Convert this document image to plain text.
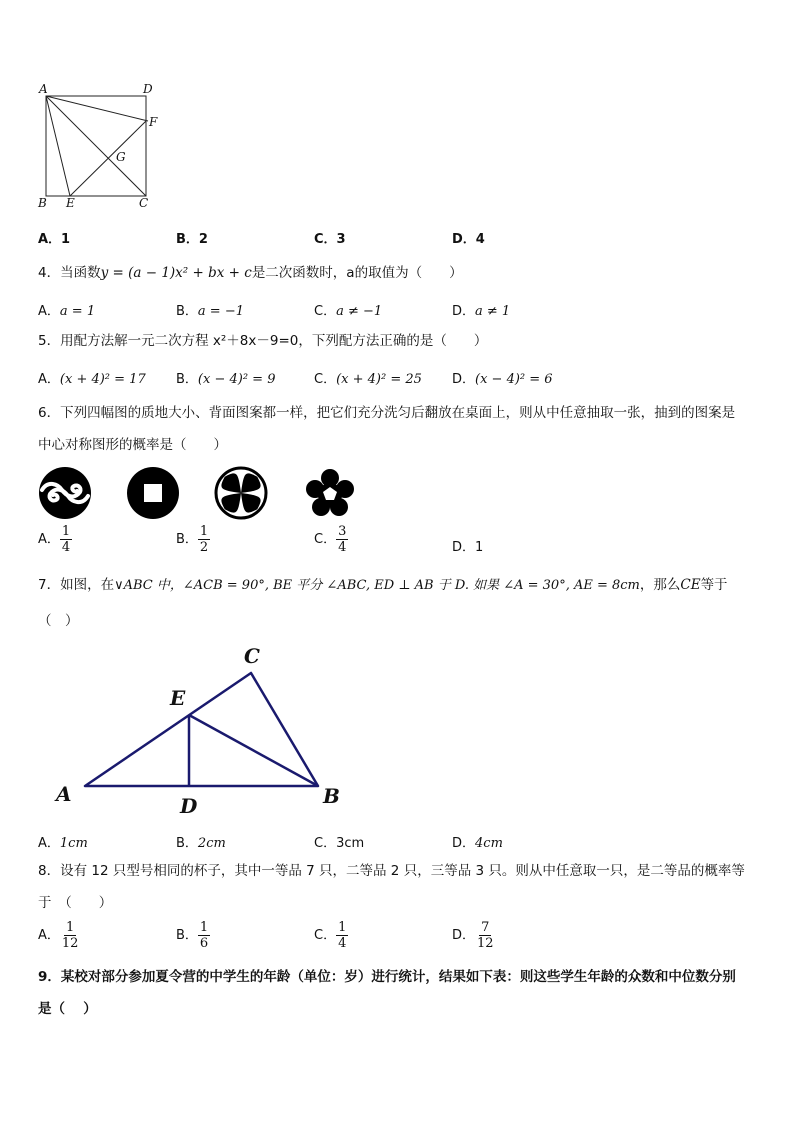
A	D
F
G
B E	C
A．1	B．2	C．3	D．4
4．当函数y = (a − 1)x² + bx + c是二次函数时，a的取值为（　　）
A．a = 1	B．a = −1	C．a ≠ −1	D．a ≠ 1
5．用配方法解一元二次方程 x²＋8x－9=0，下列配方法正确的是（　　）
A．(x + 4)² = 17 B．(x − 4)² = 9	C．(x + 4)² = 25 D．(x − 4)² = 6
6．下列四幅图的质地大小、背面图案都一样，把它们充分洗匀后翻放在桌面上，则从中任意抽取一张，抽到的图案是
中心对称图形的概率是（　　）
A． $\frac{1}{4}$	B． $\frac{1}{2}$	C． $\frac{3}{4}$	D．1
7．如图，在∨ABC 中，∠ACB = 90°, BE 平分 ∠ABC, ED ⊥ AB 于 D. 如果 ∠A = 30°, AE = 8cm，那么CE等于
（　）
C
E
A	D	B
A．1cm	B．2cm	C．3cm	D．4cm
8．设有 12 只型号相同的杯子，其中一等品 7 只，二等品 2 只，三等品 3 只。则从中任意取一只，是二等品的概率等
于　（　　）
A． $\frac{1}{12}$	B． $\frac{1}{6}$	C． $\frac{1}{4}$	D． $\frac{7}{12}$
9．某校对部分参加夏令营的中学生的年龄（单位：岁）进行统计，结果如下表：则这些学生年龄的众数和中位数分别
是（　 ）
